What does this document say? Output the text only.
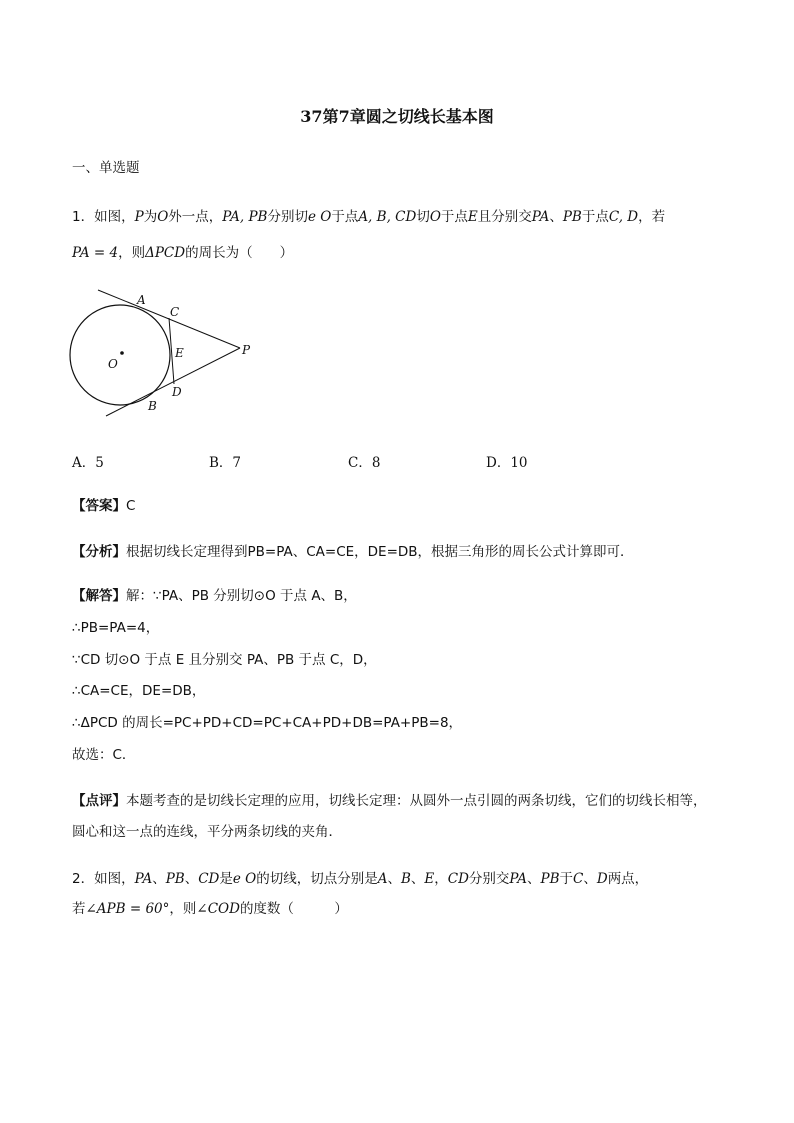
37第7章圆之切线长基本图
一、单选题
1．如图，P为O外一点，PA, PB分别切e O于点A, B, CD切O于点E且分别交PA、PB于点C, D，若
PA = 4，则ΔPCD的周长为（　　）
A
C
E
D
B
O
P
A．5	B．7	C．8	D．10
【答案】C
【分析】根据切线长定理得到PB=PA、CA=CE，DE=DB，根据三角形的周长公式计算即可．
【解答】解：∵PA、PB 分别切⊙O 于点 A、B，
∴PB=PA=4，
∵CD 切⊙O 于点 E 且分别交 PA、PB 于点 C，D，
∴CA=CE，DE=DB，
∴ΔPCD 的周长=PC+PD+CD=PC+CA+PD+DB=PA+PB=8，
故选：C．
【点评】本题考查的是切线长定理的应用，切线长定理：从圆外一点引圆的两条切线，它们的切线长相等，
圆心和这一点的连线，平分两条切线的夹角．
2．如图，PA、PB、CD是e O的切线，切点分别是A、B、E，CD分别交PA、PB于C、D两点，
若∠APB = 60°，则∠COD的度数（　　　）
